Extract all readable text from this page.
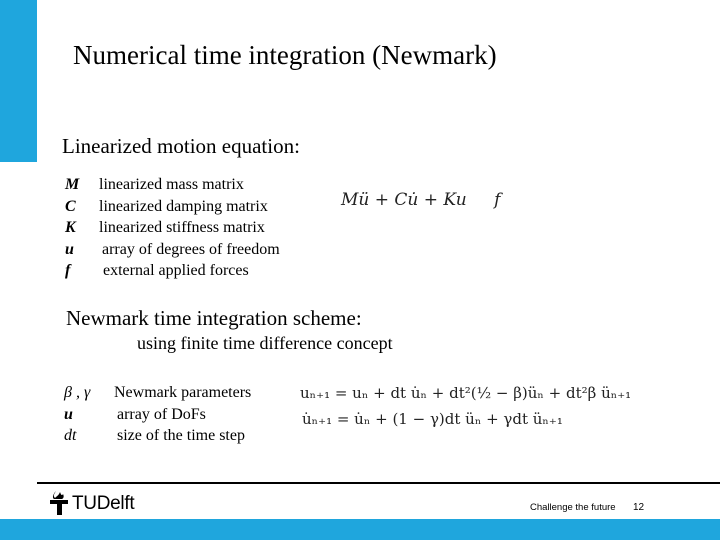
Numerical time integration (Newmark)
Linearized motion equation:
M	linearized mass matrix
C	linearized damping matrix
K	linearized stiffness matrix
u	array of degrees of freedom
f	external applied forces
Mü + Cu̇ + Ku f
Newmark time integration scheme:
using finite time difference concept
β , γ	Newmark parameters
u	array of DoFs
dt	size of the time step
uₙ₊₁ = uₙ + dt u̇ₙ + dt²(½ − β)üₙ + dt²β üₙ₊₁
u̇ₙ₊₁ = u̇ₙ + (1 − γ)dt üₙ + γdt üₙ₊₁
TUDelft	Challenge the future 12
